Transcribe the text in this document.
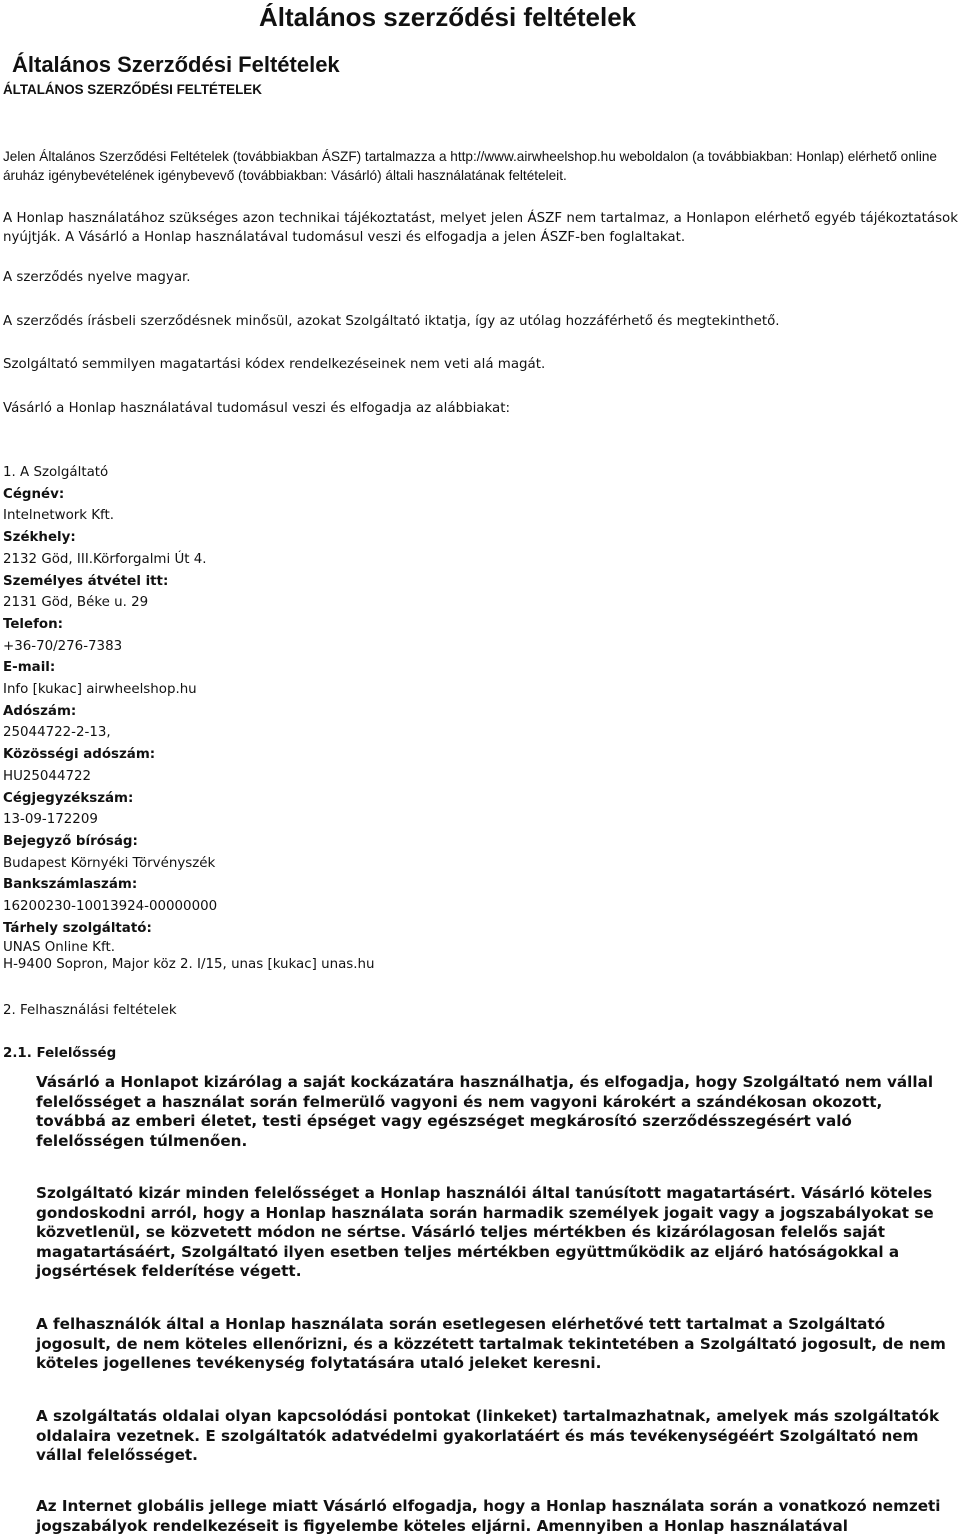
Általános szerződési feltételek
Általános Szerződési Feltételek
ÁLTALÁNOS SZERZŐDÉSI FELTÉTELEK

Jelen Általános Szerződési Feltételek (továbbiakban ÁSZF) tartalmazza a http://www.airwheelshop.hu weboldalon (a továbbiakban: Honlap) elérhető online áruház igénybevételének igénybevevő (továbbiakban: Vásárló) általi használatának feltételeit.

A Honlap használatához szükséges azon technikai tájékoztatást, melyet jelen ÁSZF nem tartalmaz, a Honlapon elérhető egyéb tájékoztatások nyújtják. A Vásárló a Honlap használatával tudomásul veszi és elfogadja a jelen ÁSZF-ben foglaltakat.

A szerződés nyelve magyar.

A szerződés írásbeli szerződésnek minősül, azokat Szolgáltató iktatja, így az utólag hozzáférhető és megtekinthető.

Szolgáltató semmilyen magatartási kódex rendelkezéseinek nem veti alá magát.

Vásárló a Honlap használatával tudomásul veszi és elfogadja az alábbiakat:

1. A Szolgáltató
Cégnév:
Intelnetwork Kft.
Székhely:
2132 Göd, III.Körforgalmi Út 4.
Személyes átvétel itt:
2131 Göd, Béke u. 29
Telefon:
+36-70/276-7383
E-mail:
Info [kukac] airwheelshop.hu
Adószám:
25044722-2-13,
Közösségi adószám:
HU25044722
Cégjegyzékszám:
13-09-172209
Bejegyző bíróság:
Budapest Környéki Törvényszék
Bankszámlaszám:
16200230-10013924-00000000
Tárhely szolgáltató:
UNAS Online Kft.
H-9400 Sopron, Major köz 2. I/15, unas [kukac] unas.hu
2. Felhasználási feltételek
2.1. Felelősség

Vásárló a Honlapot kizárólag a saját kockázatára használhatja, és elfogadja, hogy Szolgáltató nem vállal felelősséget a használat során felmerülő vagyoni és nem vagyoni károkért a szándékosan okozott, továbbá az emberi életet, testi épséget vagy egészséget megkárosító szerződésszegésért való felelősségen túlmenően.

Szolgáltató kizár minden felelősséget a Honlap használói által tanúsított magatartásért. Vásárló köteles gondoskodni arról, hogy a Honlap használata során harmadik személyek jogait vagy a jogszabályokat se közvetlenül, se közvetett módon ne sértse. Vásárló teljes mértékben és kizárólagosan felelős saját magatartásáért, Szolgáltató ilyen esetben teljes mértékben együttműködik az eljáró hatóságokkal a jogsértések felderítése végett.

A felhasználók által a Honlap használata során esetlegesen elérhetővé tett tartalmat a Szolgáltató jogosult, de nem köteles ellenőrizni, és a közzétett tartalmak tekintetében a Szolgáltató jogosult, de nem köteles jogellenes tevékenység folytatására utaló jeleket keresni.

A szolgáltatás oldalai olyan kapcsolódási pontokat (linkeket) tartalmazhatnak, amelyek más szolgáltatók oldalaira vezetnek. E szolgáltatók adatvédelmi gyakorlatáért és más tevékenységéért Szolgáltató nem vállal felelősséget.

Az Internet globális jellege miatt Vásárló elfogadja, hogy a Honlap használata során a vonatkozó nemzeti jogszabályok rendelkezéseit is figyelembe köteles eljárni. Amennyiben a Honlap használatával
